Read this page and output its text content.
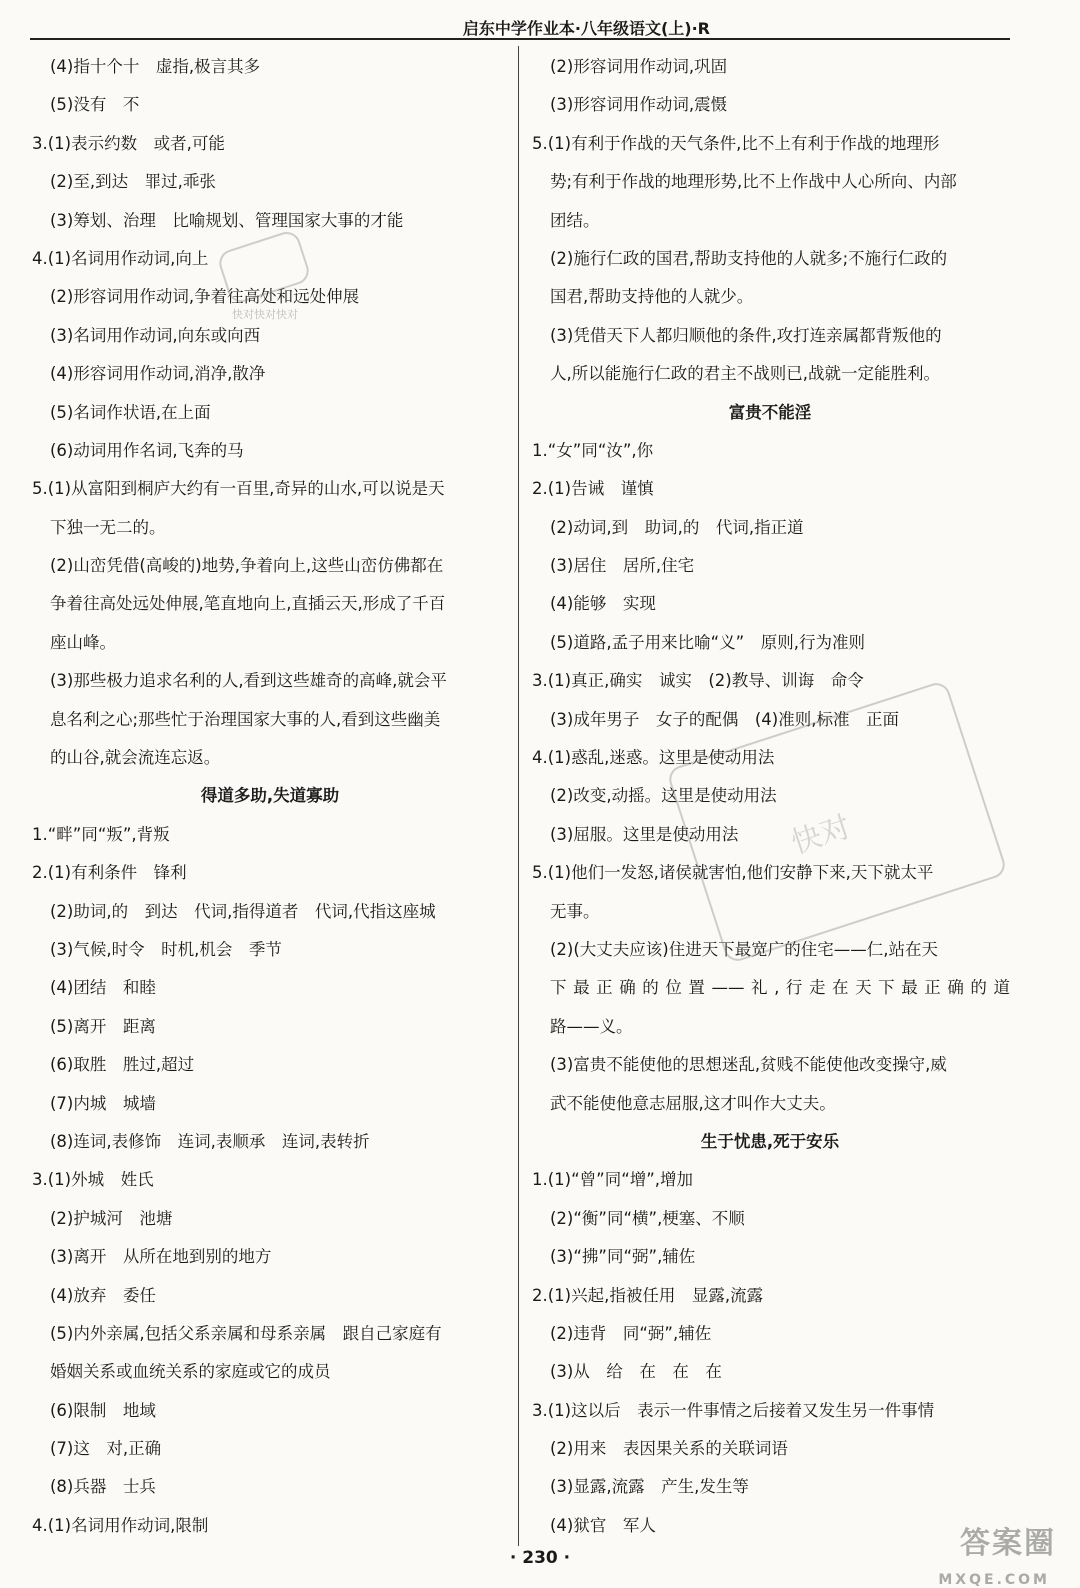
启东中学作业本·八年级语文(上)·R
(4)指十个十　虚指,极言其多
(5)没有　不
3.(1)表示约数　或者,可能
(2)至,到达　罪过,乖张
(3)筹划、治理　比喻规划、管理国家大事的才能
4.(1)名词用作动词,向上
(2)形容词用作动词,争着往高处和远处伸展
(3)名词用作动词,向东或向西
(4)形容词用作动词,消净,散净
(5)名词作状语,在上面
(6)动词用作名词,飞奔的马
5.(1)从富阳到桐庐大约有一百里,奇异的山水,可以说是天
下独一无二的。
(2)山峦凭借(高峻的)地势,争着向上,这些山峦仿佛都在
争着往高处远处伸展,笔直地向上,直插云天,形成了千百
座山峰。
(3)那些极力追求名利的人,看到这些雄奇的高峰,就会平
息名利之心;那些忙于治理国家大事的人,看到这些幽美
的山谷,就会流连忘返。
得道多助,失道寡助
1.“畔”同“叛”,背叛
2.(1)有利条件　锋利
(2)助词,的　到达　代词,指得道者　代词,代指这座城
(3)气候,时令　时机,机会　季节
(4)团结　和睦
(5)离开　距离
(6)取胜　胜过,超过
(7)内城　城墙
(8)连词,表修饰　连词,表顺承　连词,表转折
3.(1)外城　姓氏
(2)护城河　池塘
(3)离开　从所在地到别的地方
(4)放弃　委任
(5)内外亲属,包括父系亲属和母系亲属　跟自己家庭有
婚姻关系或血统关系的家庭或它的成员
(6)限制　地域
(7)这　对,正确
(8)兵器　士兵
4.(1)名词用作动词,限制
(2)形容词用作动词,巩固
(3)形容词用作动词,震慑
5.(1)有利于作战的天气条件,比不上有利于作战的地理形
势;有利于作战的地理形势,比不上作战中人心所向、内部
团结。
(2)施行仁政的国君,帮助支持他的人就多;不施行仁政的
国君,帮助支持他的人就少。
(3)凭借天下人都归顺他的条件,攻打连亲属都背叛他的
人,所以能施行仁政的君主不战则已,战就一定能胜利。
富贵不能淫
1.“女”同“汝”,你
2.(1)告诫　谨慎
(2)动词,到　助词,的　代词,指正道
(3)居住　居所,住宅
(4)能够　实现
(5)道路,孟子用来比喻“义”　原则,行为准则
3.(1)真正,确实　诚实　(2)教导、训诲　命令
(3)成年男子　女子的配偶　(4)准则,标准　正面
4.(1)惑乱,迷惑。这里是使动用法
(2)改变,动摇。这里是使动用法
(3)屈服。这里是使动用法
5.(1)他们一发怒,诸侯就害怕,他们安静下来,天下就太平
无事。
(2)(大丈夫应该)住进天下最宽广的住宅——仁,站在天
下最正确的位置——礼,行走在天下最正确的道
路——义。
(3)富贵不能使他的思想迷乱,贫贱不能使他改变操守,威
武不能使他意志屈服,这才叫作大丈夫。
生于忧患,死于安乐
1.(1)“曾”同“增”,增加
(2)“衡”同“横”,梗塞、不顺
(3)“拂”同“弼”,辅佐
2.(1)兴起,指被任用　显露,流露
(2)违背　同“弼”,辅佐
(3)从　给　在　在　在
3.(1)这以后　表示一件事情之后接着又发生另一件事情
(2)用来　表因果关系的关联词语
(3)显露,流露　产生,发生等
(4)狱官　军人
快对快对快对
快对
答案圈
MXQE.COM
· 230 ·
